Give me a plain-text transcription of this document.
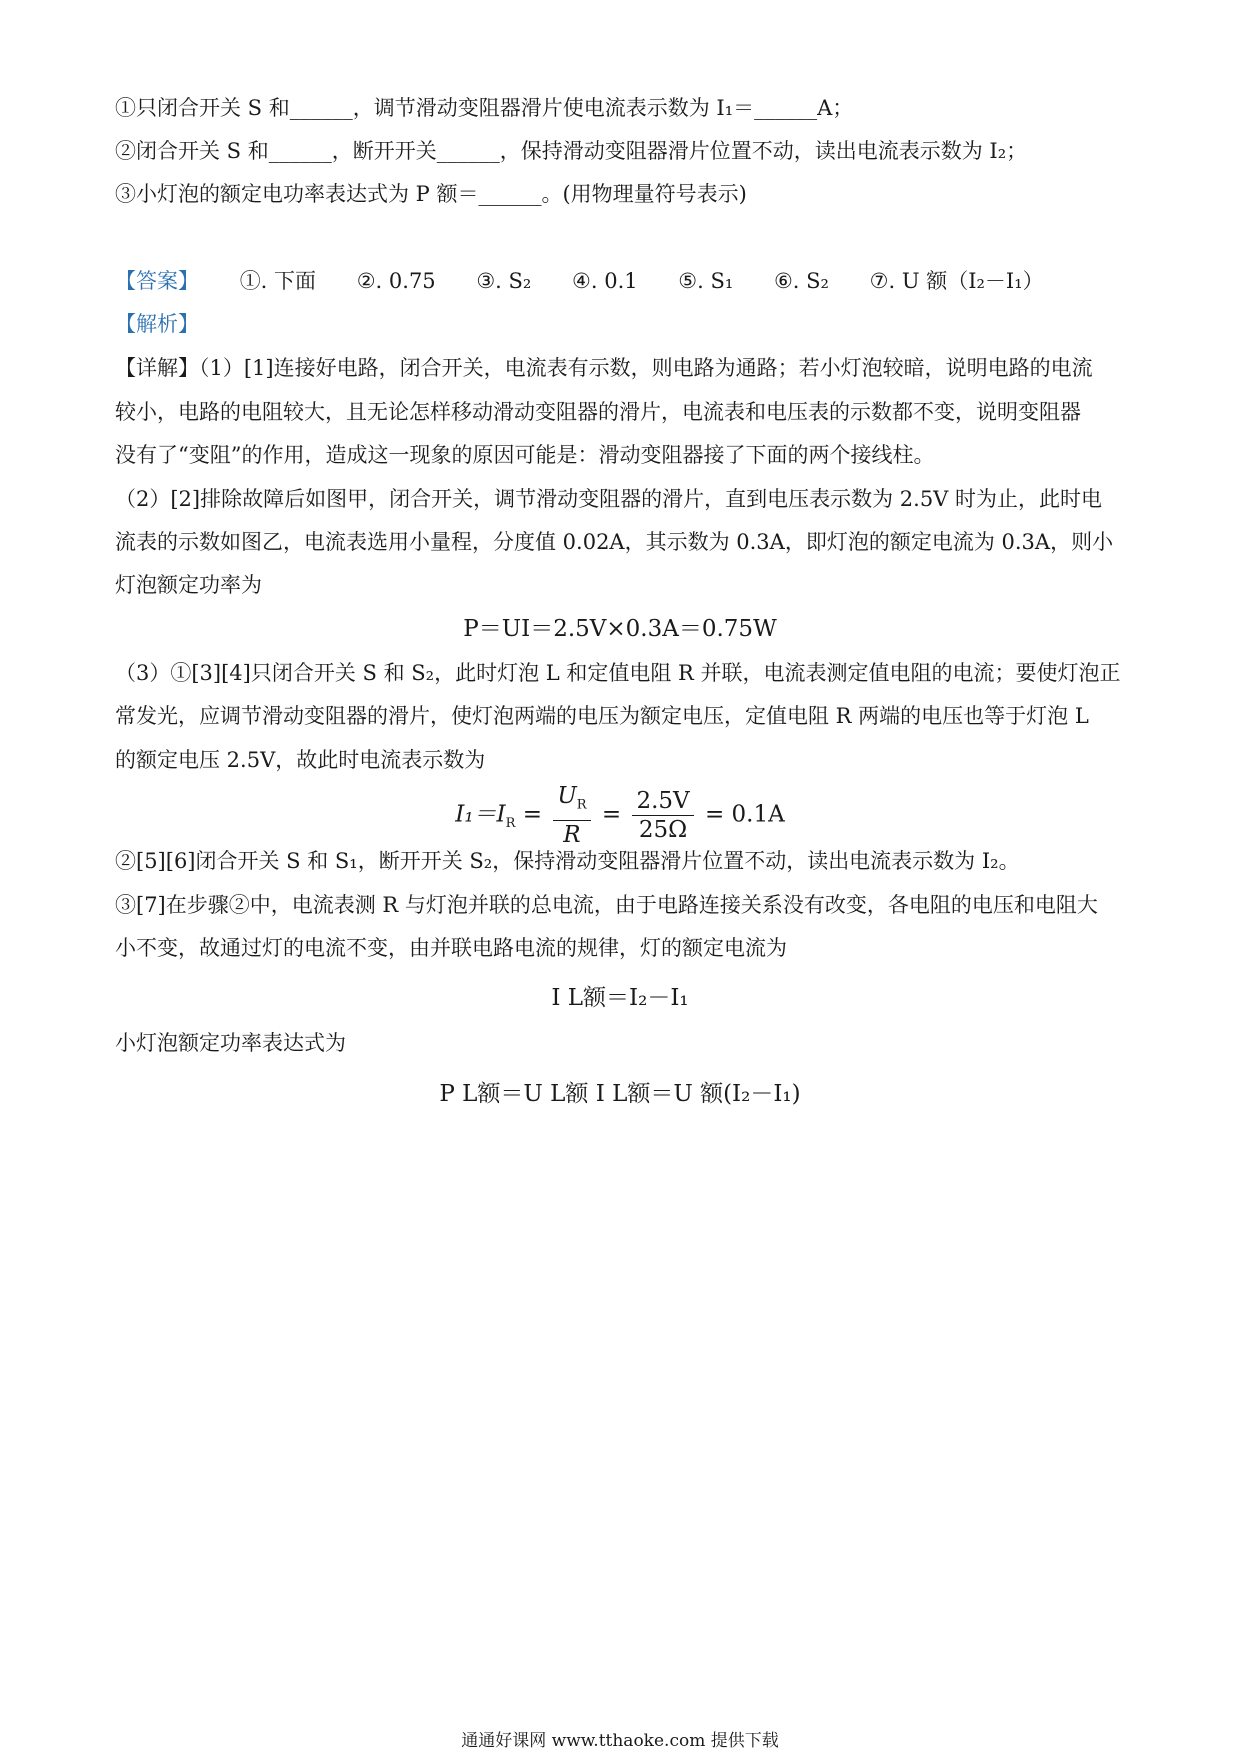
①只闭合开关 S 和______，调节滑动变阻器滑片使电流表示数为 I₁＝______A；
②闭合开关 S 和______，断开开关______，保持滑动变阻器滑片位置不动，读出电流表示数为 I₂；
③小灯泡的额定电功率表达式为 P 额＝______。(用物理量符号表示)
【答案】 ①. 下面 ②. 0.75 ③. S₂ ④. 0.1 ⑤. S₁ ⑥. S₂ ⑦. U 额（I₂－I₁）
【解析】
【详解】（1）[1]连接好电路，闭合开关，电流表有示数，则电路为通路；若小灯泡较暗，说明电路的电流
较小，电路的电阻较大，且无论怎样移动滑动变阻器的滑片，电流表和电压表的示数都不变，说明变阻器
没有了“变阻”的作用，造成这一现象的原因可能是：滑动变阻器接了下面的两个接线柱。
（2）[2]排除故障后如图甲，闭合开关，调节滑动变阻器的滑片，直到电压表示数为 2.5V 时为止，此时电
流表的示数如图乙，电流表选用小量程，分度值 0.02A，其示数为 0.3A，即灯泡的额定电流为 0.3A，则小
灯泡额定功率为
P＝UI＝2.5V×0.3A＝0.75W
（3）①[3][4]只闭合开关 S 和 S₂，此时灯泡 L 和定值电阻 R 并联，电流表测定值电阻的电流；要使灯泡正
常发光，应调节滑动变阻器的滑片，使灯泡两端的电压为额定电压，定值电阻 R 两端的电压也等于灯泡 L
的额定电压 2.5V，故此时电流表示数为
$I_1=I_R = \frac{U_R}{R} = \frac{2.5V}{25\Omega} = 0.1A$
②[5][6]闭合开关 S 和 S₁，断开开关 S₂，保持滑动变阻器滑片位置不动，读出电流表示数为 I₂。
③[7]在步骤②中，电流表测 R 与灯泡并联的总电流，由于电路连接关系没有改变，各电阻的电压和电阻大
小不变，故通过灯的电流不变，由并联电路电流的规律，灯的额定电流为
I L额＝I₂－I₁
小灯泡额定功率表达式为
P L额＝U L额 I L额＝U 额(I₂－I₁)
通通好课网 www.tthaoke.com 提供下载
